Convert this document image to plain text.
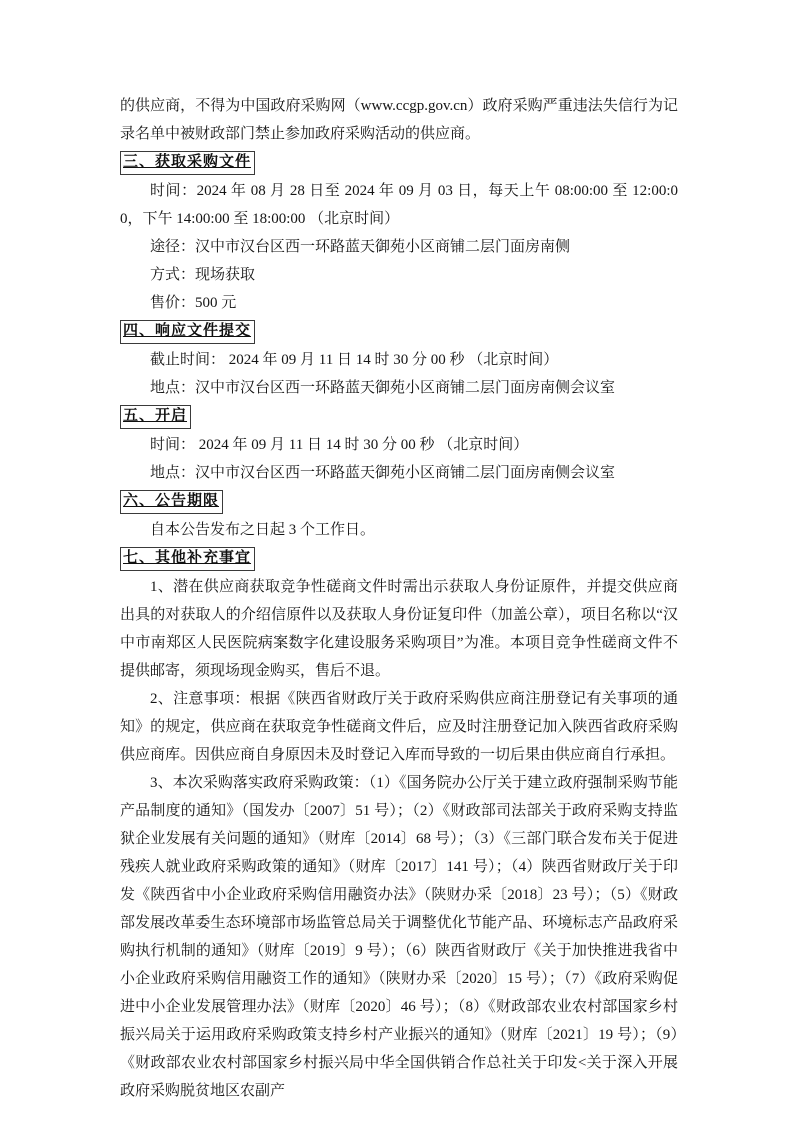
的供应商，不得为中国政府采购网（www.ccgp.gov.cn）政府采购严重违法失信行为记录名单中被财政部门禁止参加政府采购活动的供应商。

三、获取采购文件

时间：2024 年 08 月 28 日至 2024 年 09 月 03 日，每天上午 08:00:00 至 12:00:00，下午 14:00:00 至 18:00:00 （北京时间）

途径：汉中市汉台区西一环路蓝天御苑小区商铺二层门面房南侧

方式：现场获取

售价：500 元

四、响应文件提交

截止时间： 2024 年 09 月 11 日 14 时 30 分 00 秒 （北京时间）

地点：汉中市汉台区西一环路蓝天御苑小区商铺二层门面房南侧会议室

五、开启

时间： 2024 年 09 月 11 日 14 时 30 分 00 秒 （北京时间）

地点：汉中市汉台区西一环路蓝天御苑小区商铺二层门面房南侧会议室

六、公告期限

自本公告发布之日起 3 个工作日。

七、其他补充事宜

1、潜在供应商获取竞争性磋商文件时需出示获取人身份证原件，并提交供应商出具的对获取人的介绍信原件以及获取人身份证复印件（加盖公章），项目名称以“汉中市南郑区人民医院病案数字化建设服务采购项目”为准。本项目竞争性磋商文件不提供邮寄，须现场现金购买，售后不退。

2、注意事项：根据《陕西省财政厅关于政府采购供应商注册登记有关事项的通知》的规定，供应商在获取竞争性磋商文件后，应及时注册登记加入陕西省政府采购供应商库。因供应商自身原因未及时登记入库而导致的一切后果由供应商自行承担。

3、本次采购落实政府采购政策：（1）《国务院办公厅关于建立政府强制采购节能产品制度的通知》（国发办〔2007〕51 号）；（2）《财政部司法部关于政府采购支持监狱企业发展有关问题的通知》（财库〔2014〕68 号）；（3）《三部门联合发布关于促进残疾人就业政府采购政策的通知》（财库〔2017〕141 号）；（4）陕西省财政厅关于印发《陕西省中小企业政府采购信用融资办法》（陕财办采〔2018〕23 号）；（5）《财政部发展改革委生态环境部市场监管总局关于调整优化节能产品、环境标志产品政府采购执行机制的通知》（财库〔2019〕9 号）；（6）陕西省财政厅《关于加快推进我省中小企业政府采购信用融资工作的通知》（陕财办采〔2020〕15 号）；（7）《政府采购促进中小企业发展管理办法》（财库〔2020〕46 号）；（8）《财政部农业农村部国家乡村振兴局关于运用政府采购政策支持乡村产业振兴的通知》（财库〔2021〕19 号）；（9）《财政部农业农村部国家乡村振兴局中华全国供销合作总社关于印发<关于深入开展政府采购脱贫地区农副产
